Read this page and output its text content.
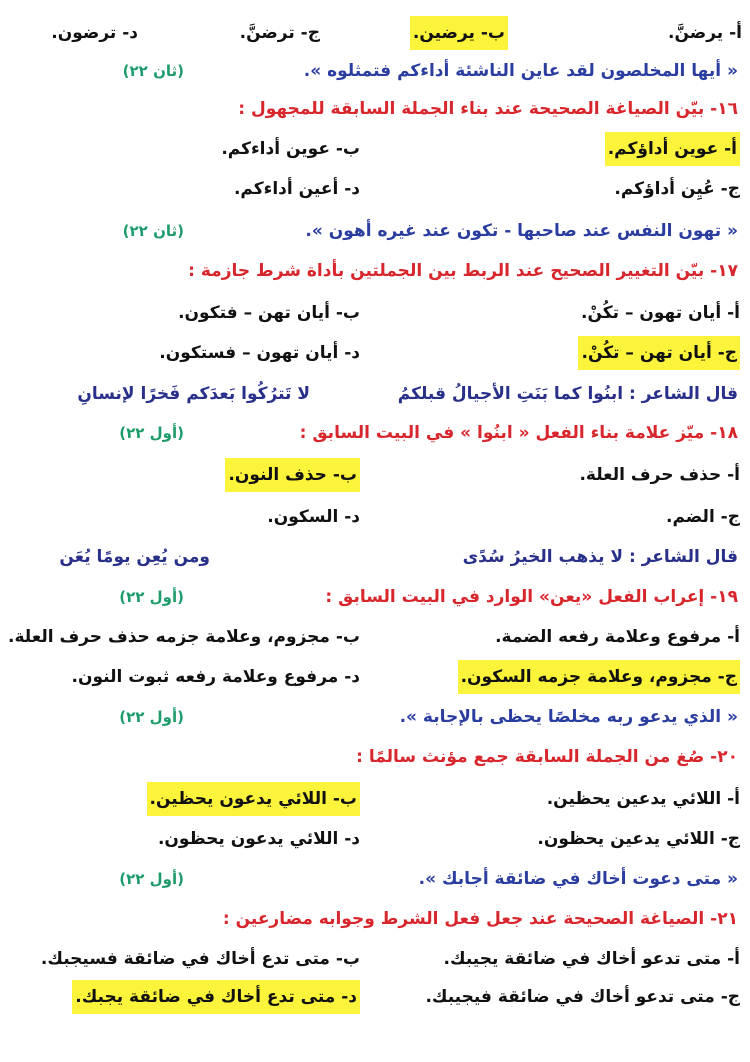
أ- يرضنَّ.
ب- يرضين.
ج- ترضنَّ.
د- ترضون.
« أيها المخلصون لقد عاين الناشئة أداءكم فتمثلوه ».
(ثان ٢٢)
١٦- بيّن الصياغة الصحيحة عند بناء الجملة السابقة للمجهول :
أ- عوين أداؤكم.
ب- عوين أداءكم.
ج- عُيِن أداؤكم.
د- أعين أداءكم.
« تهون النفس عند صاحبها - تكون عند غيره أهون ».
(ثان ٢٢)
١٧- بيّن التغيير الصحيح عند الربط بين الجملتين بأداة شرط جازمة :
أ- أيان تهون – تكُنْ.
ب- أيان تهن – فتكون.
ج- أيان تهن – تكُنْ.
د- أيان تهون – فستكون.
قال الشاعر : ابنُوا كما بَنَتِ الأجيالُ قبلكمُ
لا تَترُكُوا بَعدَكم فَخرًا لإنسانِ
١٨- ميّز علامة بناء الفعل « ابنُوا » في البيت السابق :
(أول ٢٢)
أ- حذف حرف العلة.
ب- حذف النون.
ج- الضم.
د- السكون.
قال الشاعر : لا يذهب الخيرُ سُدًى
ومن يُعِن يومًا يُعَن
١٩- إعراب الفعل «يعن» الوارد في البيت السابق :
(أول ٢٢)
أ- مرفوع وعلامة رفعه الضمة.
ب- مجزوم، وعلامة جزمه حذف حرف العلة.
ج- مجزوم، وعلامة جزمه السكون.
د- مرفوع وعلامة رفعه ثبوت النون.
« الذي يدعو ربه مخلصًا يحظى بالإجابة ».
(أول ٢٢)
٢٠- صُغ من الجملة السابقة جمع مؤنث سالمًا :
أ- اللائي يدعين يحظين.
ب- اللائي يدعون يحظين.
ج- اللائي يدعين يحظون.
د- اللائي يدعون يحظون.
« متى دعوت أخاك في ضائقة أجابك ».
(أول ٢٢)
٢١- الصياغة الصحيحة عند جعل فعل الشرط وجوابه مضارعين :
أ- متى تدعو أخاك في ضائقة يجيبك.
ب- متى تدع أخاك في ضائقة فسيجبك.
ج- متى تدعو أخاك في ضائقة فيجيبك.
د- متى تدع أخاك في ضائقة يجبك.
